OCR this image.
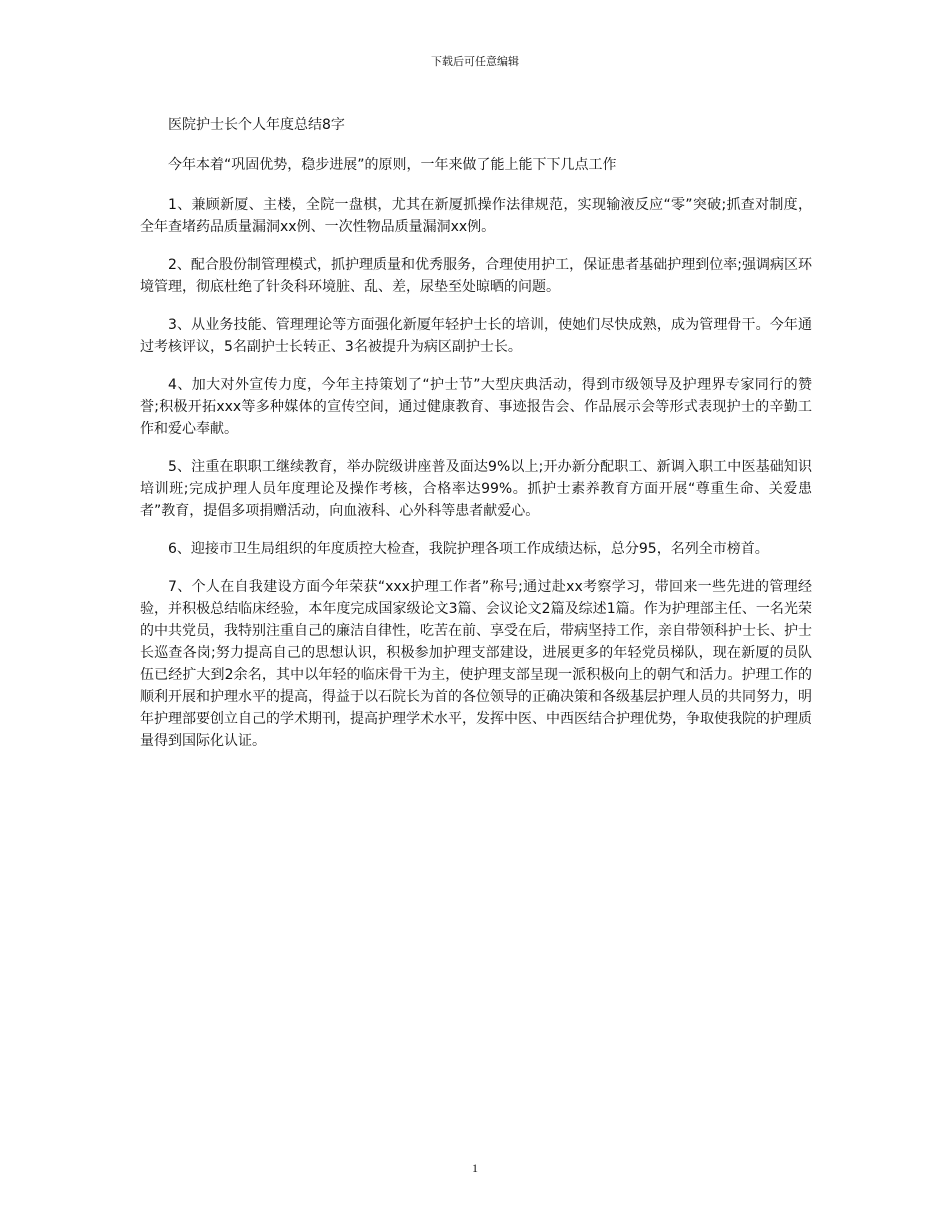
下载后可任意编辑

医院护士长个人年度总结8字

今年本着“巩固优势，稳步进展”的原则，一年来做了能上能下下几点工作

1、兼顾新厦、主楼，全院一盘棋，尤其在新厦抓操作法律规范，实现输液反应“零”突破;抓查对制度，全年查堵药品质量漏洞xx例、一次性物品质量漏洞xx例。

2、配合股份制管理模式，抓护理质量和优秀服务，合理使用护工，保证患者基础护理到位率;强调病区环境管理，彻底杜绝了针灸科环境脏、乱、差，尿垫至处晾晒的问题。

3、从业务技能、管理理论等方面强化新厦年轻护士长的培训，使她们尽快成熟，成为管理骨干。今年通过考核评议，5名副护士长转正、3名被提升为病区副护士长。

4、加大对外宣传力度，今年主持策划了“护士节”大型庆典活动，得到市级领导及护理界专家同行的赞誉;积极开拓xxx等多种媒体的宣传空间，通过健康教育、事迹报告会、作品展示会等形式表现护士的辛勤工作和爱心奉献。

5、注重在职职工继续教育，举办院级讲座普及面达9%以上;开办新分配职工、新调入职工中医基础知识培训班;完成护理人员年度理论及操作考核，合格率达99%。抓护士素养教育方面开展“尊重生命、关爱患者”教育，提倡多项捐赠活动，向血液科、心外科等患者献爱心。

6、迎接市卫生局组织的年度质控大检查，我院护理各项工作成绩达标，总分95，名列全市榜首。

7、个人在自我建设方面今年荣获“xxx护理工作者”称号;通过赴xx考察学习，带回来一些先进的管理经验，并积极总结临床经验，本年度完成国家级论文3篇、会议论文2篇及综述1篇。作为护理部主任、一名光荣的中共党员，我特别注重自己的廉洁自律性，吃苦在前、享受在后，带病坚持工作，亲自带领科护士长、护士长巡查各岗;努力提高自己的思想认识，积极参加护理支部建设，进展更多的年轻党员梯队，现在新厦的员队伍已经扩大到2余名，其中以年轻的临床骨干为主，使护理支部呈现一派积极向上的朝气和活力。护理工作的顺利开展和护理水平的提高，得益于以石院长为首的各位领导的正确决策和各级基层护理人员的共同努力，明年护理部要创立自己的学术期刊，提高护理学术水平，发挥中医、中西医结合护理优势，争取使我院的护理质量得到国际化认证。

1
